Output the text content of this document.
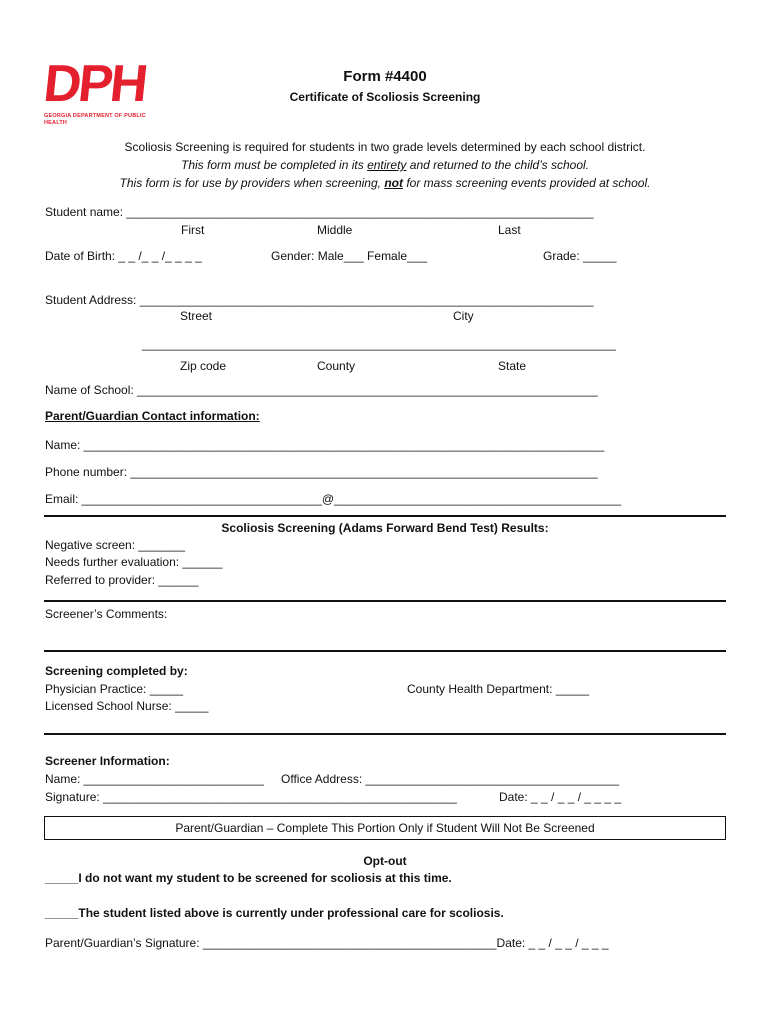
DPH
GEORGIA DEPARTMENT OF PUBLIC HEALTH
Form #4400
Certificate of Scoliosis Screening
Scoliosis Screening is required for students in two grade levels determined by each school district.
This form must be completed in its entirety and returned to the child’s school.
This form is for use by providers when screening, not for mass screening events provided at school.
Student name: ______________________________________________________________________
First	Middle	Last
Date of Birth: _ _ /_ _ /_ _ _ _	Gender: Male___ Female___	Grade: _____
Student Address: ____________________________________________________________________
Street	City
_______________________________________________________________________
Zip code	County	State
Name of School: _____________________________________________________________________
Parent/Guardian Contact information:
Name: ______________________________________________________________________________
Phone number: ______________________________________________________________________
Email: ____________________________________@___________________________________________
Scoliosis Screening (Adams Forward Bend Test) Results:
Negative screen: _______
Needs further evaluation: ______
Referred to provider: ______
Screener’s Comments:
Screening completed by:
Physician Practice: _____
Licensed School Nurse: _____
County Health Department: _____
Screener Information:
Name: ___________________________ Office Address: ______________________________________
Signature: _____________________________________________________	Date: _ _ / _ _ / _ _ _ _
Parent/Guardian – Complete This Portion Only if Student Will Not Be Screened
Opt-out
_____I do not want my student to be screened for scoliosis at this time.
_____The student listed above is currently under professional care for scoliosis.
Parent/Guardian’s Signature: ____________________________________________Date: _ _ / _ _ / _ _ _
